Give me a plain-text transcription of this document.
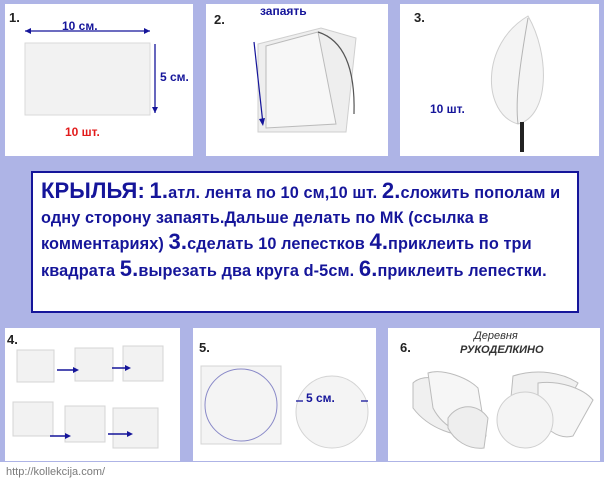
1.
10 см.
5 см.
10 шт.
2.
запаять	3.
10 шт.
КРЫЛЬЯ: 1.атл. лента по 10 см,10 шт. 2.сложить пополам и одну сторону запаять.Дальше делать по МК (ссылка в комментариях) 3.сделать 10 лепестков 4.приклеить по три квадрата 5.вырезать два круга d-5см. 6.приклеить лепестки.
4.
5.
5 см.
6.
Деревня
РУКОДЕЛКИНО
http://kollekcija.com/
